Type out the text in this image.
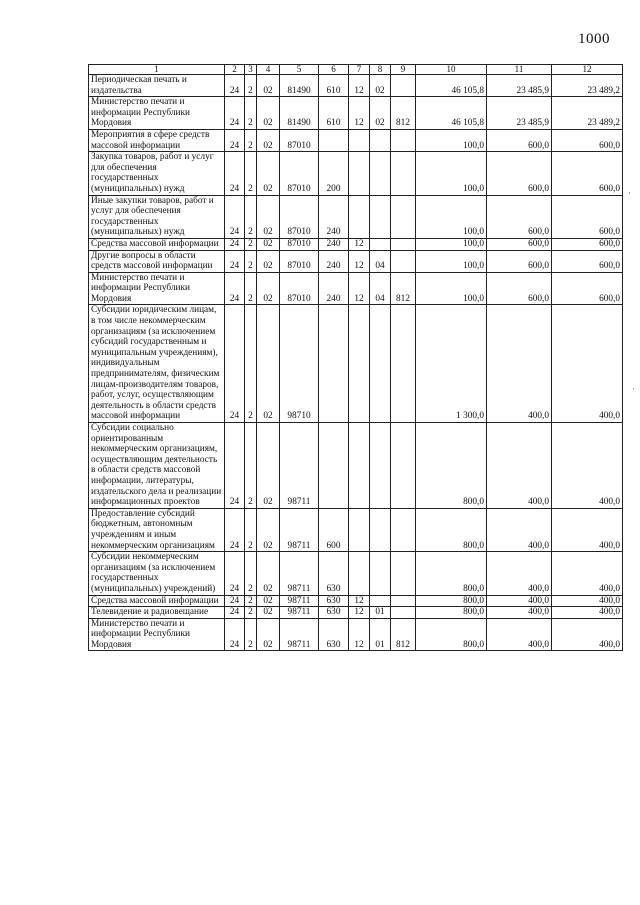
1000
1	2	3	4	5	6	7	8	9	10	11	12
Периодическая печать и издательства	24	2	02	81490	610	12	02		46 105,8	23 485,9	23 489,2
Министерство печати и информации Республики Мордовия	24	2	02	81490	610	12	02	812	46 105,8	23 485,9	23 489,2
Мероприятия в сфере средств массовой информации	24	2	02	87010					100,0	600,0	600,0
Закупка товаров, работ и услуг для обеспечения государственных (муниципальных) нужд	24	2	02	87010	200				100,0	600,0	600,0
Иные закупки товаров, работ и услуг для обеспечения государственных (муниципальных) нужд	24	2	02	87010	240				100,0	600,0	600,0
Средства массовой информации	24	2	02	87010	240	12			100,0	600,0	600,0
Другие вопросы в области средств массовой информации	24	2	02	87010	240	12	04		100,0	600,0	600,0
Министерство печати и информации Республики Мордовия	24	2	02	87010	240	12	04	812	100,0	600,0	600,0
Субсидии юридическим лицам, в том числе некоммерческим организациям (за исключением субсидий государственным и муниципальным учреждениям), индивидуальным предпринимателям, физическим лицам-производителям товаров, работ, услуг, осуществляющим деятельность в области средств массовой информации	24	2	02	98710					1 300,0	400,0	400,0
Субсидии социально ориентированным некоммерческим организациям, осуществляющим деятельность в области средств массовой информации, литературы, издательского дела и реализации информационных проектов	24	2	02	98711					800,0	400,0	400,0
Предоставление субсидий бюджетным, автономным учреждениям и иным некоммерческим организациям	24	2	02	98711	600				800,0	400,0	400,0
Субсидии некоммерческим организациям (за исключением государственных (муниципальных) учреждений)	24	2	02	98711	630				800,0	400,0	400,0
Средства массовой информации	24	2	02	98711	630	12			800,0	400,0	400,0
Телевидение и радиовещание	24	2	02	98711	630	12	01		800,0	400,0	400,0
Министерство печати и информации Республики Мордовия	24	2	02	98711	630	12	01	812	800,0	400,0	400,0
·
·
